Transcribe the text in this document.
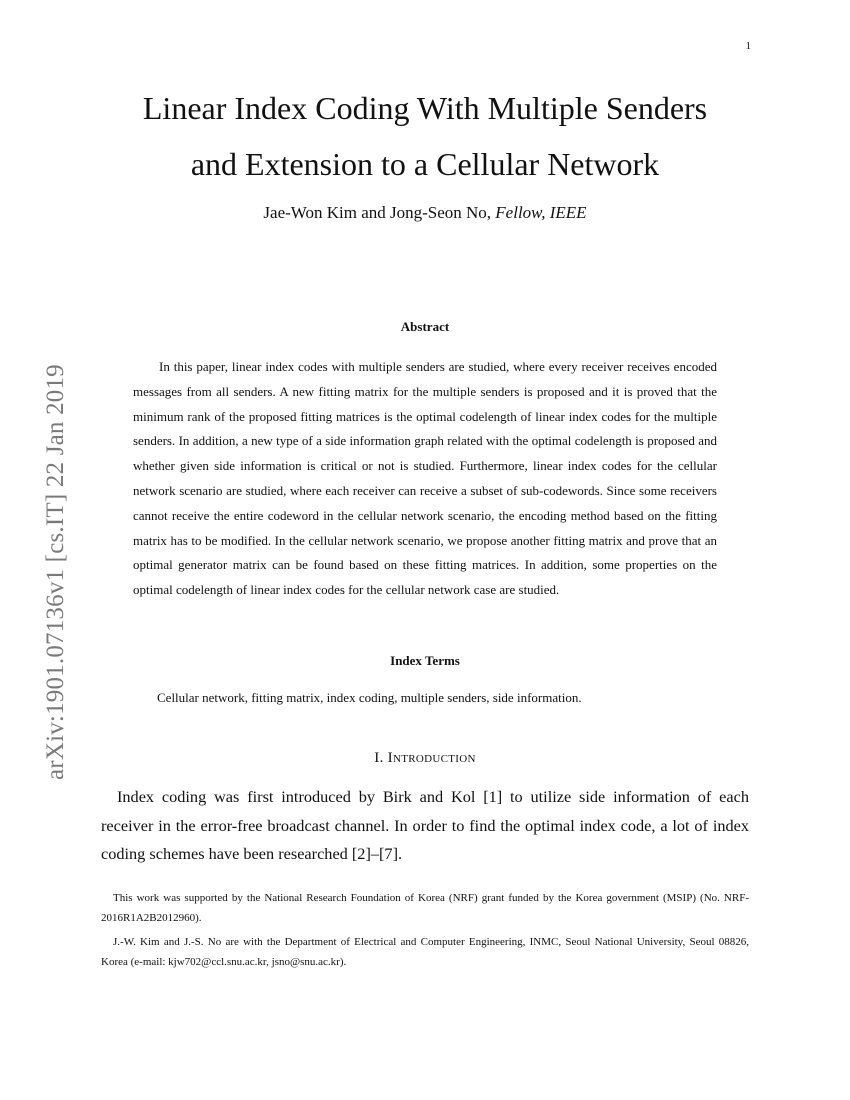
1
arXiv:1901.07136v1 [cs.IT] 22 Jan 2019
Linear Index Coding With Multiple Senders
and Extension to a Cellular Network
Jae-Won Kim and Jong-Seon No, Fellow, IEEE
Abstract

In this paper, linear index codes with multiple senders are studied, where every receiver receives encoded messages from all senders. A new fitting matrix for the multiple senders is proposed and it is proved that the minimum rank of the proposed fitting matrices is the optimal codelength of linear index codes for the multiple senders. In addition, a new type of a side information graph related with the optimal codelength is proposed and whether given side information is critical or not is studied. Furthermore, linear index codes for the cellular network scenario are studied, where each receiver can receive a subset of sub-codewords. Since some receivers cannot receive the entire codeword in the cellular network scenario, the encoding method based on the fitting matrix has to be modified. In the cellular network scenario, we propose another fitting matrix and prove that an optimal generator matrix can be found based on these fitting matrices. In addition, some properties on the optimal codelength of linear index codes for the cellular network case are studied.

Index Terms

Cellular network, fitting matrix, index coding, multiple senders, side information.

I. Introduction

Index coding was first introduced by Birk and Kol [1] to utilize side information of each receiver in the error-free broadcast channel. In order to find the optimal index code, a lot of index coding schemes have been researched [2]–[7].

This work was supported by the National Research Foundation of Korea (NRF) grant funded by the Korea government (MSIP) (No. NRF-2016R1A2B2012960).

J.-W. Kim and J.-S. No are with the Department of Electrical and Computer Engineering, INMC, Seoul National University, Seoul 08826, Korea (e-mail: kjw702@ccl.snu.ac.kr, jsno@snu.ac.kr).
